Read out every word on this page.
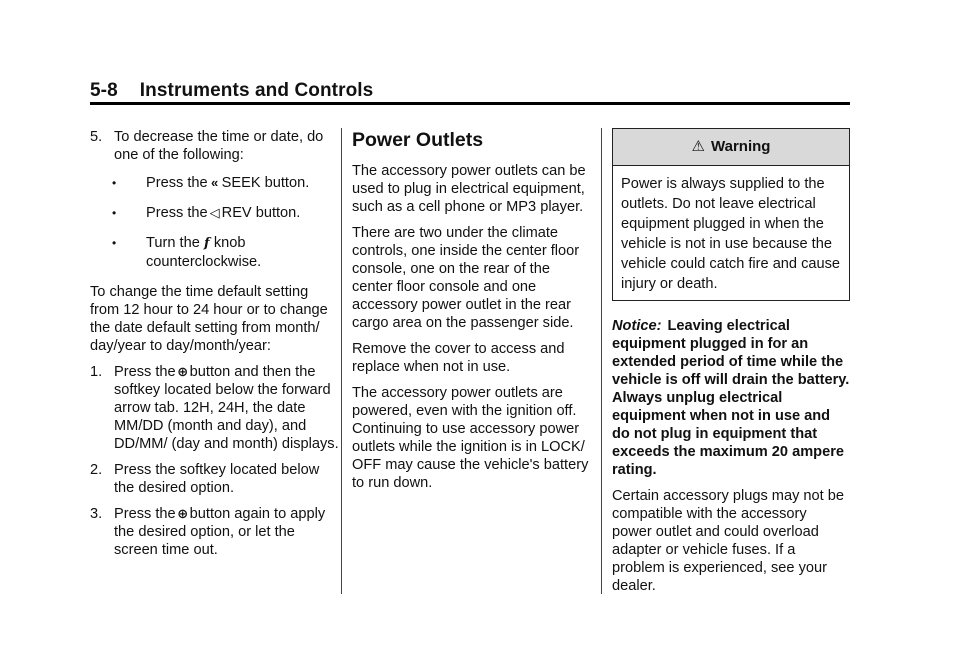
5-8 Instruments and Controls
5. To decrease the time or date, do one of the following:
•	Press the « SEEK button.
•	Press the ◁ REV button.
•	Turn the f knob counterclockwise.

To change the time default setting from 12 hour to 24 hour or to change the date default setting from month/ day/year to day/month/year:

1. Press the ⊕ button and then the softkey located below the forward arrow tab. 12H, 24H, the date MM/DD (month and day), and DD/MM/ (day and month) displays.
2. Press the softkey located below the desired option.
3. Press the ⊕ button again to apply the desired option, or let the screen time out.
Power Outlets

The accessory power outlets can be used to plug in electrical equipment, such as a cell phone or MP3 player.

There are two under the climate controls, one inside the center floor console, one on the rear of the center floor console and one accessory power outlet in the rear cargo area on the passenger side.

Remove the cover to access and replace when not in use.

The accessory power outlets are powered, even with the ignition off. Continuing to use accessory power outlets while the ignition is in LOCK/ OFF may cause the vehicle's battery to run down.

⚠ Warning
Power is always supplied to the outlets. Do not leave electrical equipment plugged in when the vehicle is not in use because the vehicle could catch fire and cause injury or death.

Notice: Leaving electrical equipment plugged in for an extended period of time while the vehicle is off will drain the battery. Always unplug electrical equipment when not in use and do not plug in equipment that exceeds the maximum 20 ampere rating.

Certain accessory plugs may not be compatible with the accessory power outlet and could overload adapter or vehicle fuses. If a problem is experienced, see your dealer.
